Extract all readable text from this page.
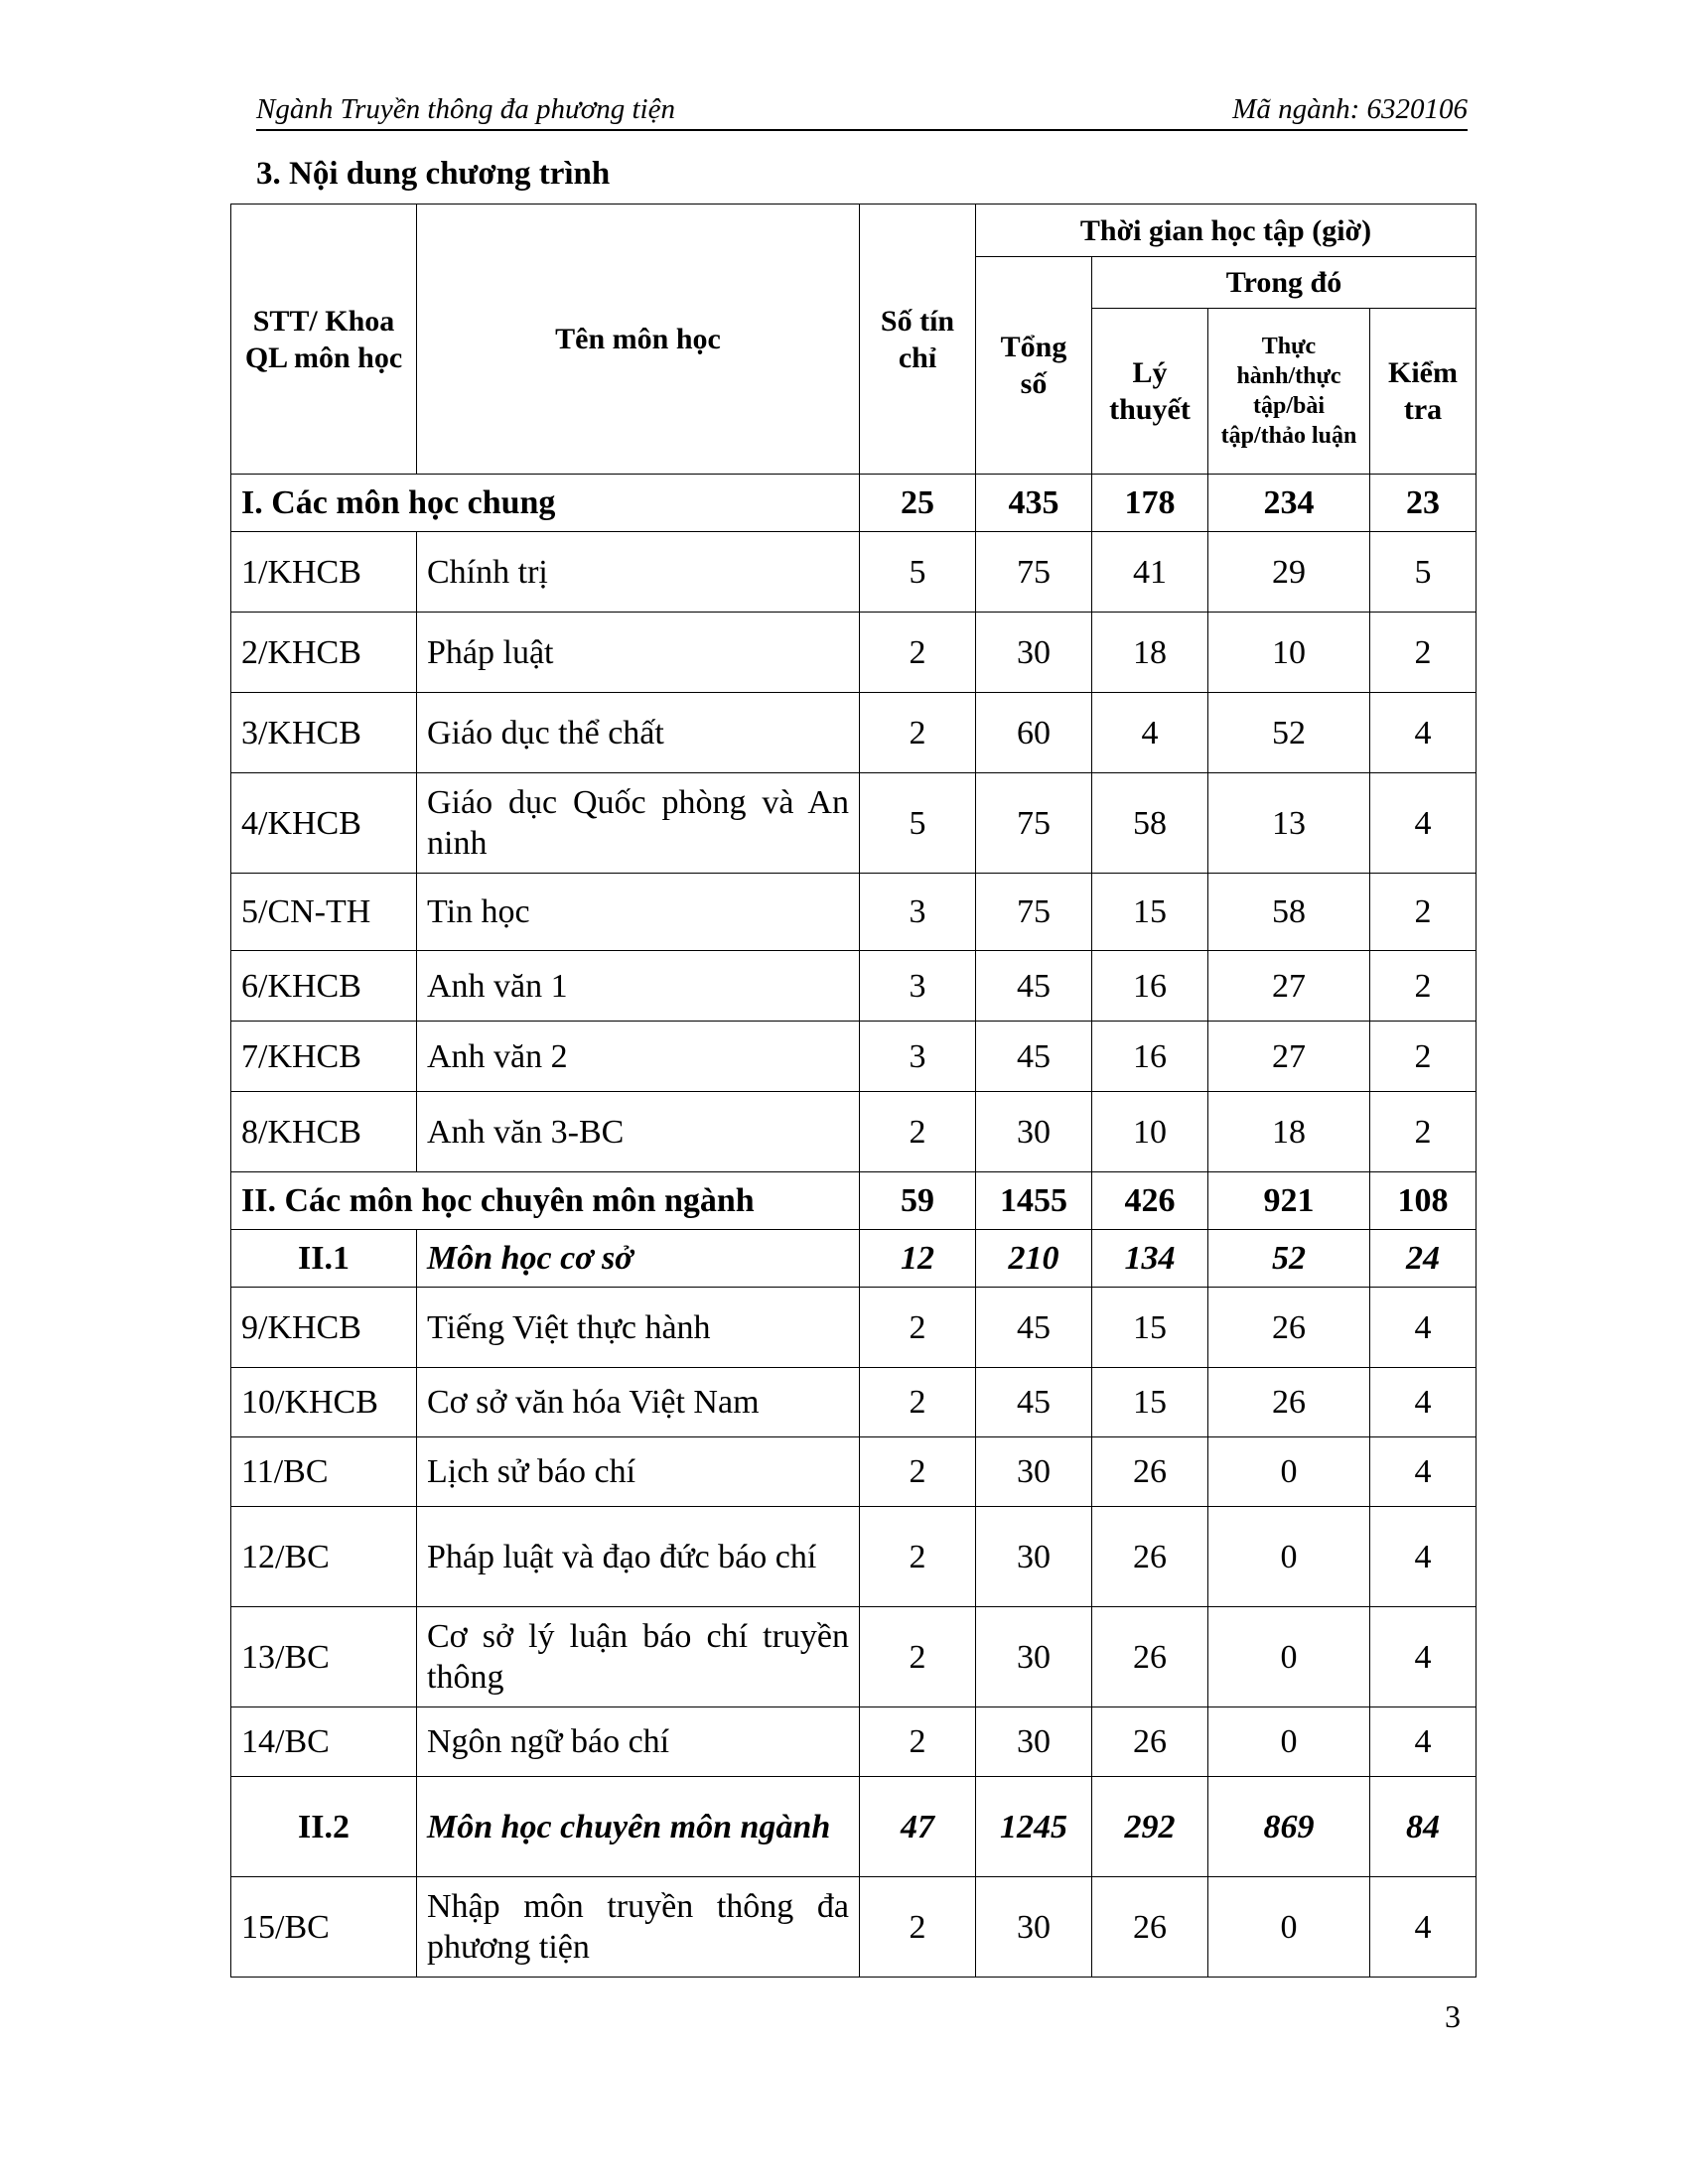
Ngành Truyền thông đa phương tiện	Mã ngành: 6320106
3. Nội dung chương trình
STT/ Khoa QL môn học	Tên môn học	Số tín chỉ	Thời gian học tập (giờ)			
			Tổng số	Trong đó		
				Lý thuyết	Thực hành/thực tập/bài tập/thảo luận	Kiểm tra
I. Các môn học chung		25	435	178	234	23
1/KHCB	Chính trị	5	75	41	29	5
2/KHCB	Pháp luật	2	30	18	10	2
3/KHCB	Giáo dục thể chất	2	60	4	52	4
4/KHCB	Giáo dục Quốc phòng và An ninh	5	75	58	13	4
5/CN-TH	Tin học	3	75	15	58	2
6/KHCB	Anh văn 1	3	45	16	27	2
7/KHCB	Anh văn 2	3	45	16	27	2
8/KHCB	Anh văn 3-BC	2	30	10	18	2
II. Các môn học chuyên môn ngành		59	1455	426	921	108
II.1	Môn học cơ sở	12	210	134	52	24
9/KHCB	Tiếng Việt thực hành	2	45	15	26	4
10/KHCB	Cơ sở văn hóa Việt Nam	2	45	15	26	4
11/BC	Lịch sử báo chí	2	30	26	0	4
12/BC	Pháp luật và đạo đức báo chí	2	30	26	0	4
13/BC	Cơ sở lý luận báo chí truyền thông	2	30	26	0	4
14/BC	Ngôn ngữ báo chí	2	30	26	0	4
II.2	Môn học chuyên môn ngành	47	1245	292	869	84
15/BC	Nhập môn truyền thông đa phương tiện	2	30	26	0	4
3
